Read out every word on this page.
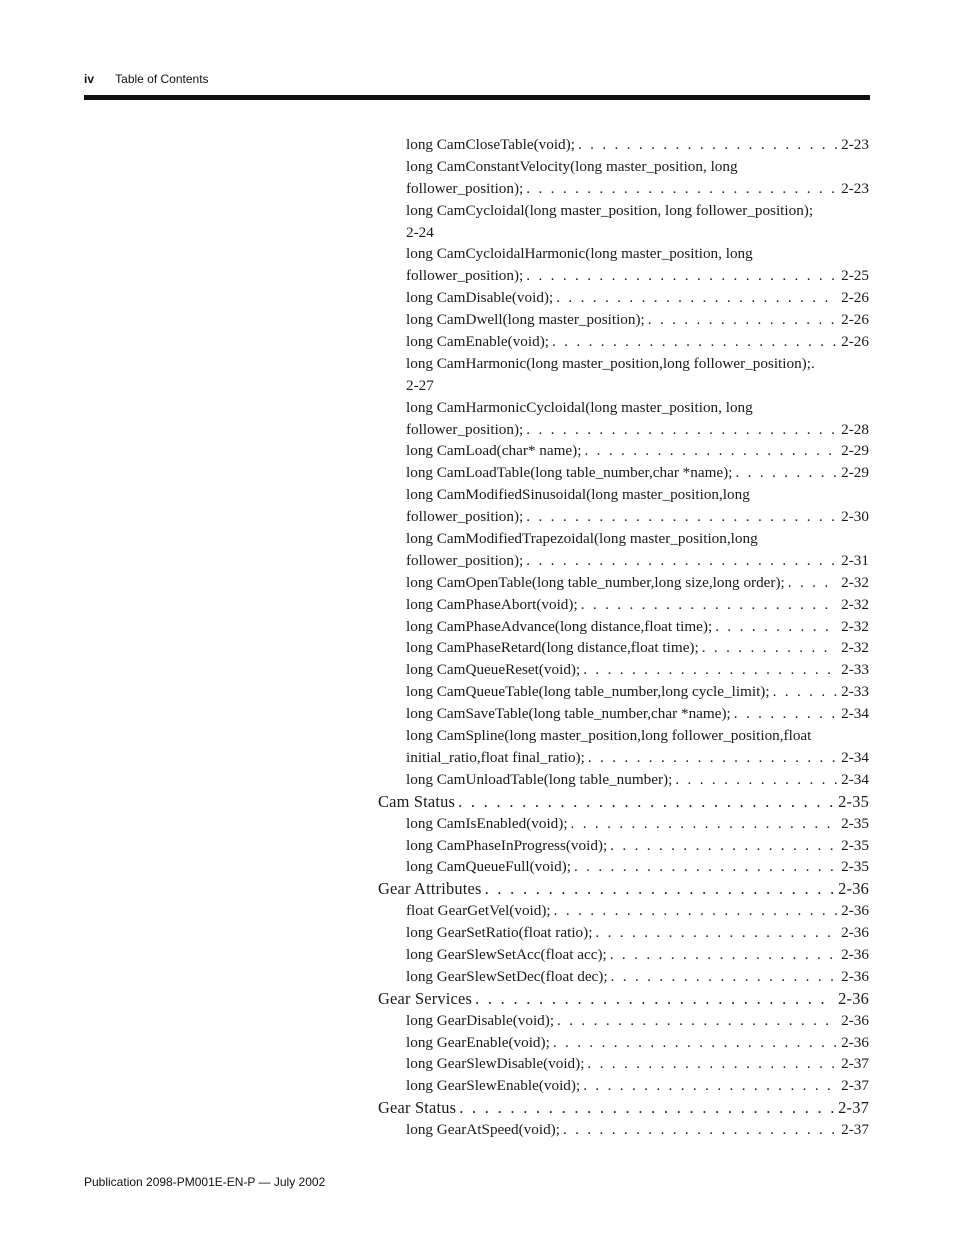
iv Table of Contents
long CamCloseTable(void); . . .	2-23
long CamConstantVelocity(long master_position, long
follower_position); . . .	2-23
long CamCycloidal(long master_position, long follower_position);
2-24
long CamCycloidalHarmonic(long master_position, long
follower_position); . . .	2-25
long CamDisable(void); . . .	2-26
long CamDwell(long master_position); . . .	2-26
long CamEnable(void); . . .	2-26
long CamHarmonic(long master_position,long follower_position);.
2-27
long CamHarmonicCycloidal(long master_position, long
follower_position); . . .	2-28
long CamLoad(char* name); . . .	2-29
long CamLoadTable(long table_number,char *name); . . .	2-29
long CamModifiedSinusoidal(long master_position,long
follower_position); . . .	2-30
long CamModifiedTrapezoidal(long master_position,long
follower_position); . . .	2-31
long CamOpenTable(long table_number,long size,long order); . . .	2-32
long CamPhaseAbort(void); . . .	2-32
long CamPhaseAdvance(long distance,float time); . . .	2-32
long CamPhaseRetard(long distance,float time); . . .	2-32
long CamQueueReset(void); . . .	2-33
long CamQueueTable(long table_number,long cycle_limit); . . .	2-33
long CamSaveTable(long table_number,char *name); . . .	2-34
long CamSpline(long master_position,long follower_position,float
initial_ratio,float final_ratio); . . .	2-34
long CamUnloadTable(long table_number); . . .	2-34
Cam Status . . .	2-35
long CamIsEnabled(void); . . .	2-35
long CamPhaseInProgress(void); . . .	2-35
long CamQueueFull(void); . . .	2-35
Gear Attributes . . .	2-36
float GearGetVel(void); . . .	2-36
long GearSetRatio(float ratio); . . .	2-36
long GearSlewSetAcc(float acc); . . .	2-36
long GearSlewSetDec(float dec); . . .	2-36
Gear Services . . .	2-36
long GearDisable(void); . . .	2-36
long GearEnable(void); . . .	2-36
long GearSlewDisable(void); . . .	2-37
long GearSlewEnable(void); . . .	2-37
Gear Status . . .	2-37
long GearAtSpeed(void); . . .	2-37
Publication 2098-PM001E-EN-P — July 2002
